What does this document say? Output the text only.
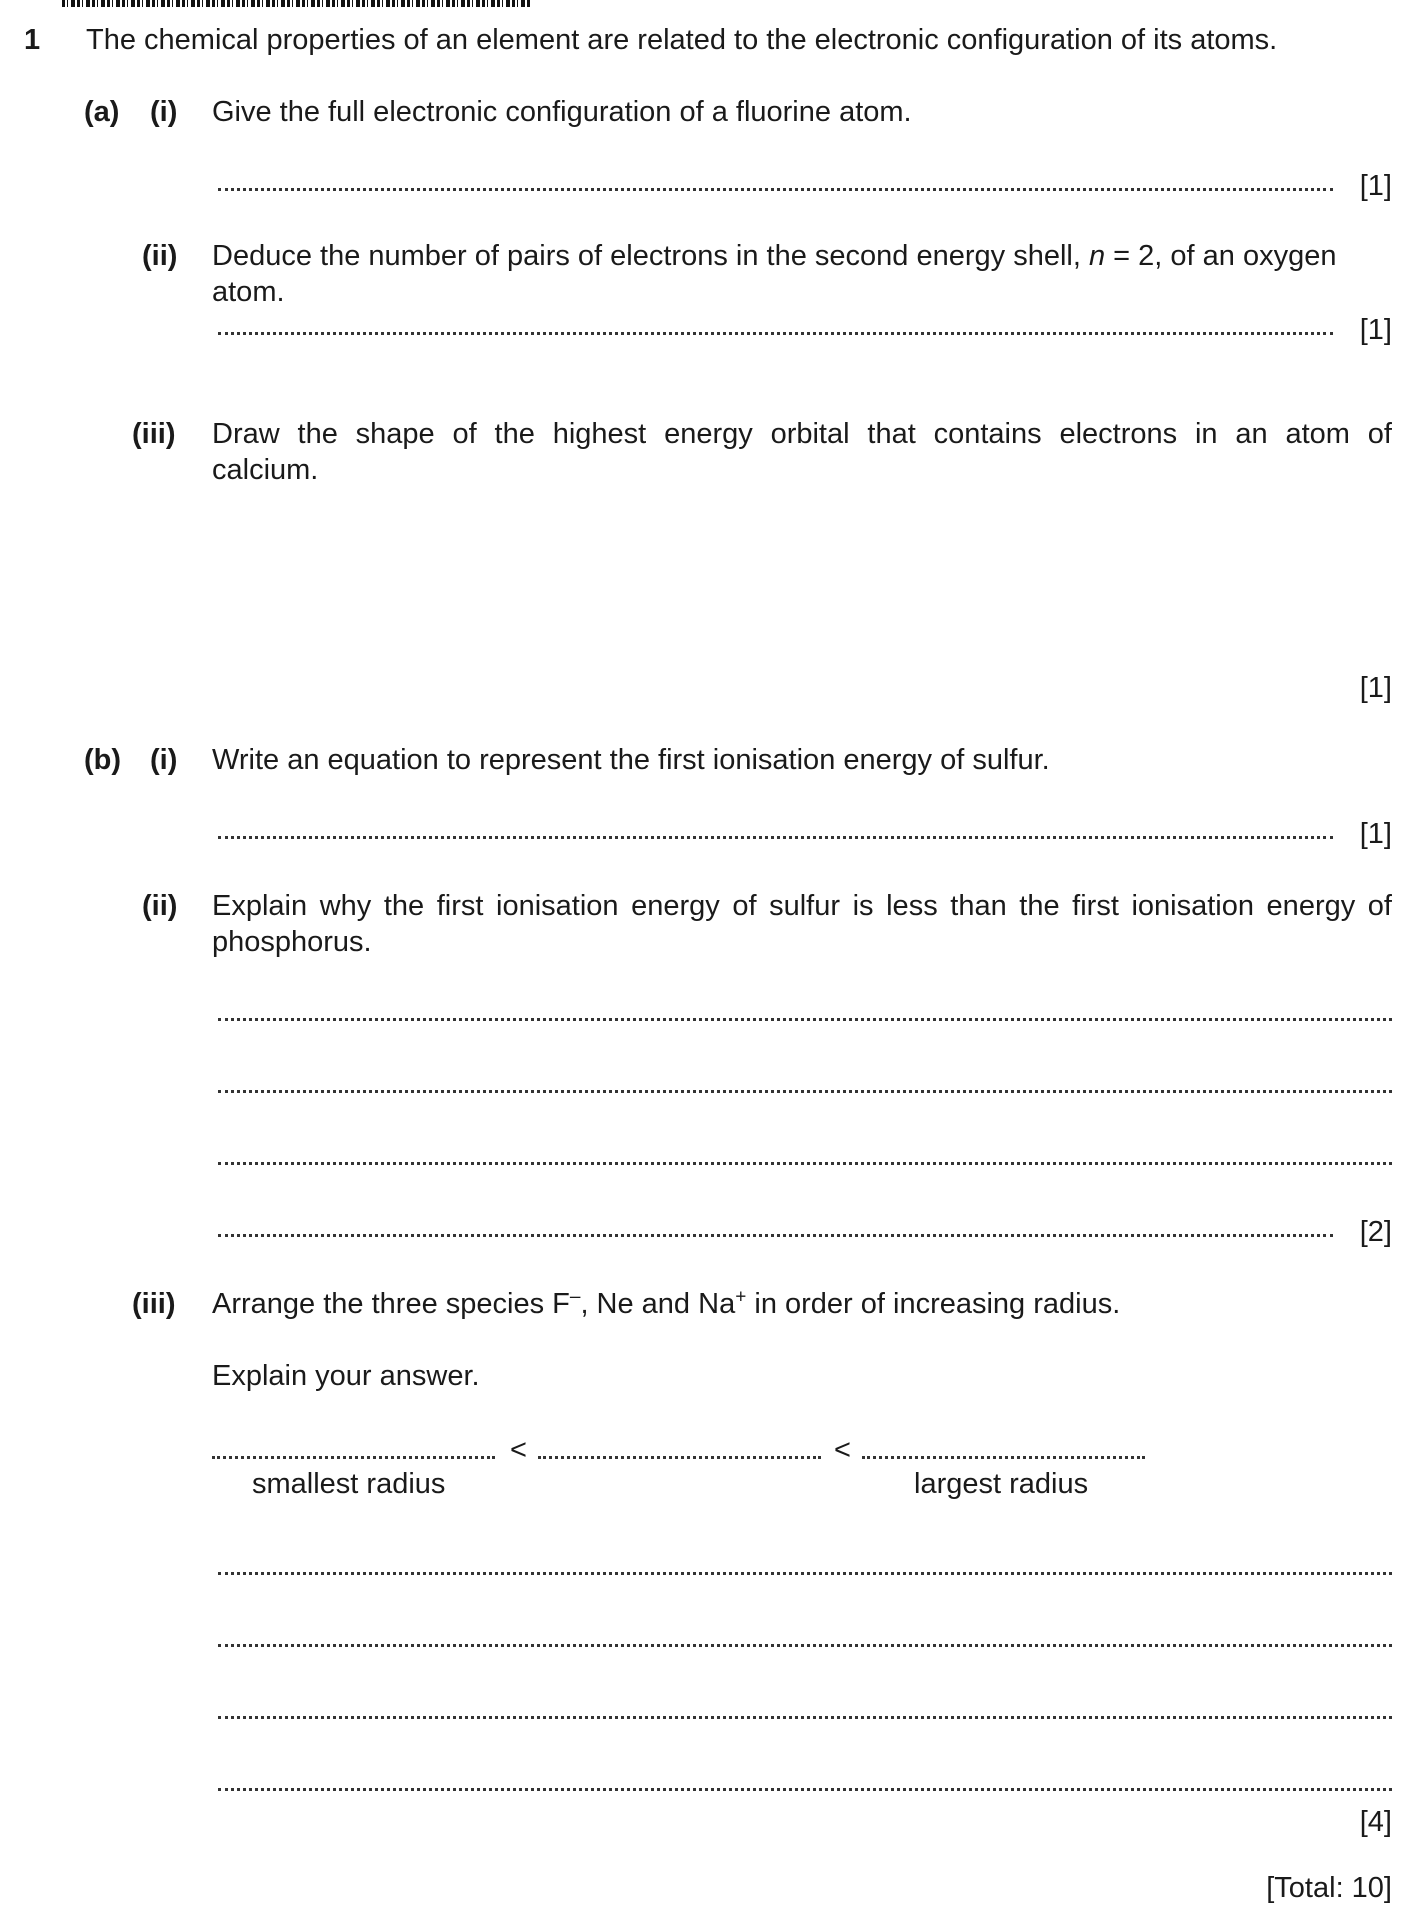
1 The chemical properties of an element are related to the electronic configuration of its atoms.
(a) (i) Give the full electronic configuration of a fluorine atom.
[1]
(ii) Deduce the number of pairs of electrons in the second energy shell, n = 2, of an oxygen
atom.
[1]
(iii) Draw the shape of the highest energy orbital that contains electrons in an atom of
calcium.
[1]
(b) (i) Write an equation to represent the first ionisation energy of sulfur.
[1]
(ii) Explain why the first ionisation energy of sulfur is less than the first ionisation energy of
phosphorus.
[2]
(iii) Arrange the three species F–, Ne and Na+ in order of increasing radius.
Explain your answer.
<	<
smallest radius	largest radius
[4]
[Total: 10]
